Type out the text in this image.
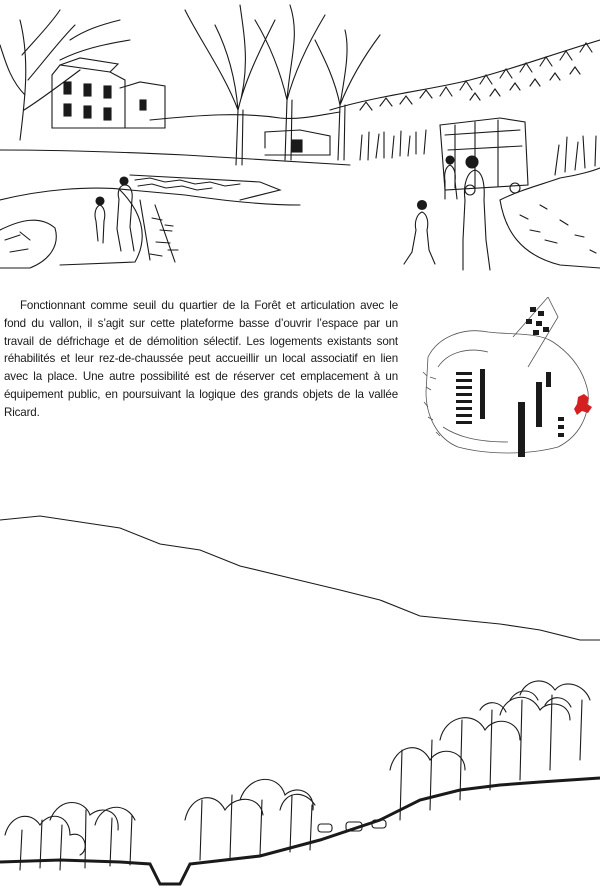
Fonctionnant comme seuil du quartier de la Forêt et articulation avec le fond du vallon, il s’agit sur cette plateforme basse d’ouvrir l’espace par un travail de défrichage et de démolition sélectif. Les logements existants sont réhabilités et leur rez-de-chaussée peut accueillir un local associatif en lien avec la place. Une autre possibilité est de réserver cet emplacement à un équipement public, en poursuivant la logique des grands objets de la vallée Ricard.
